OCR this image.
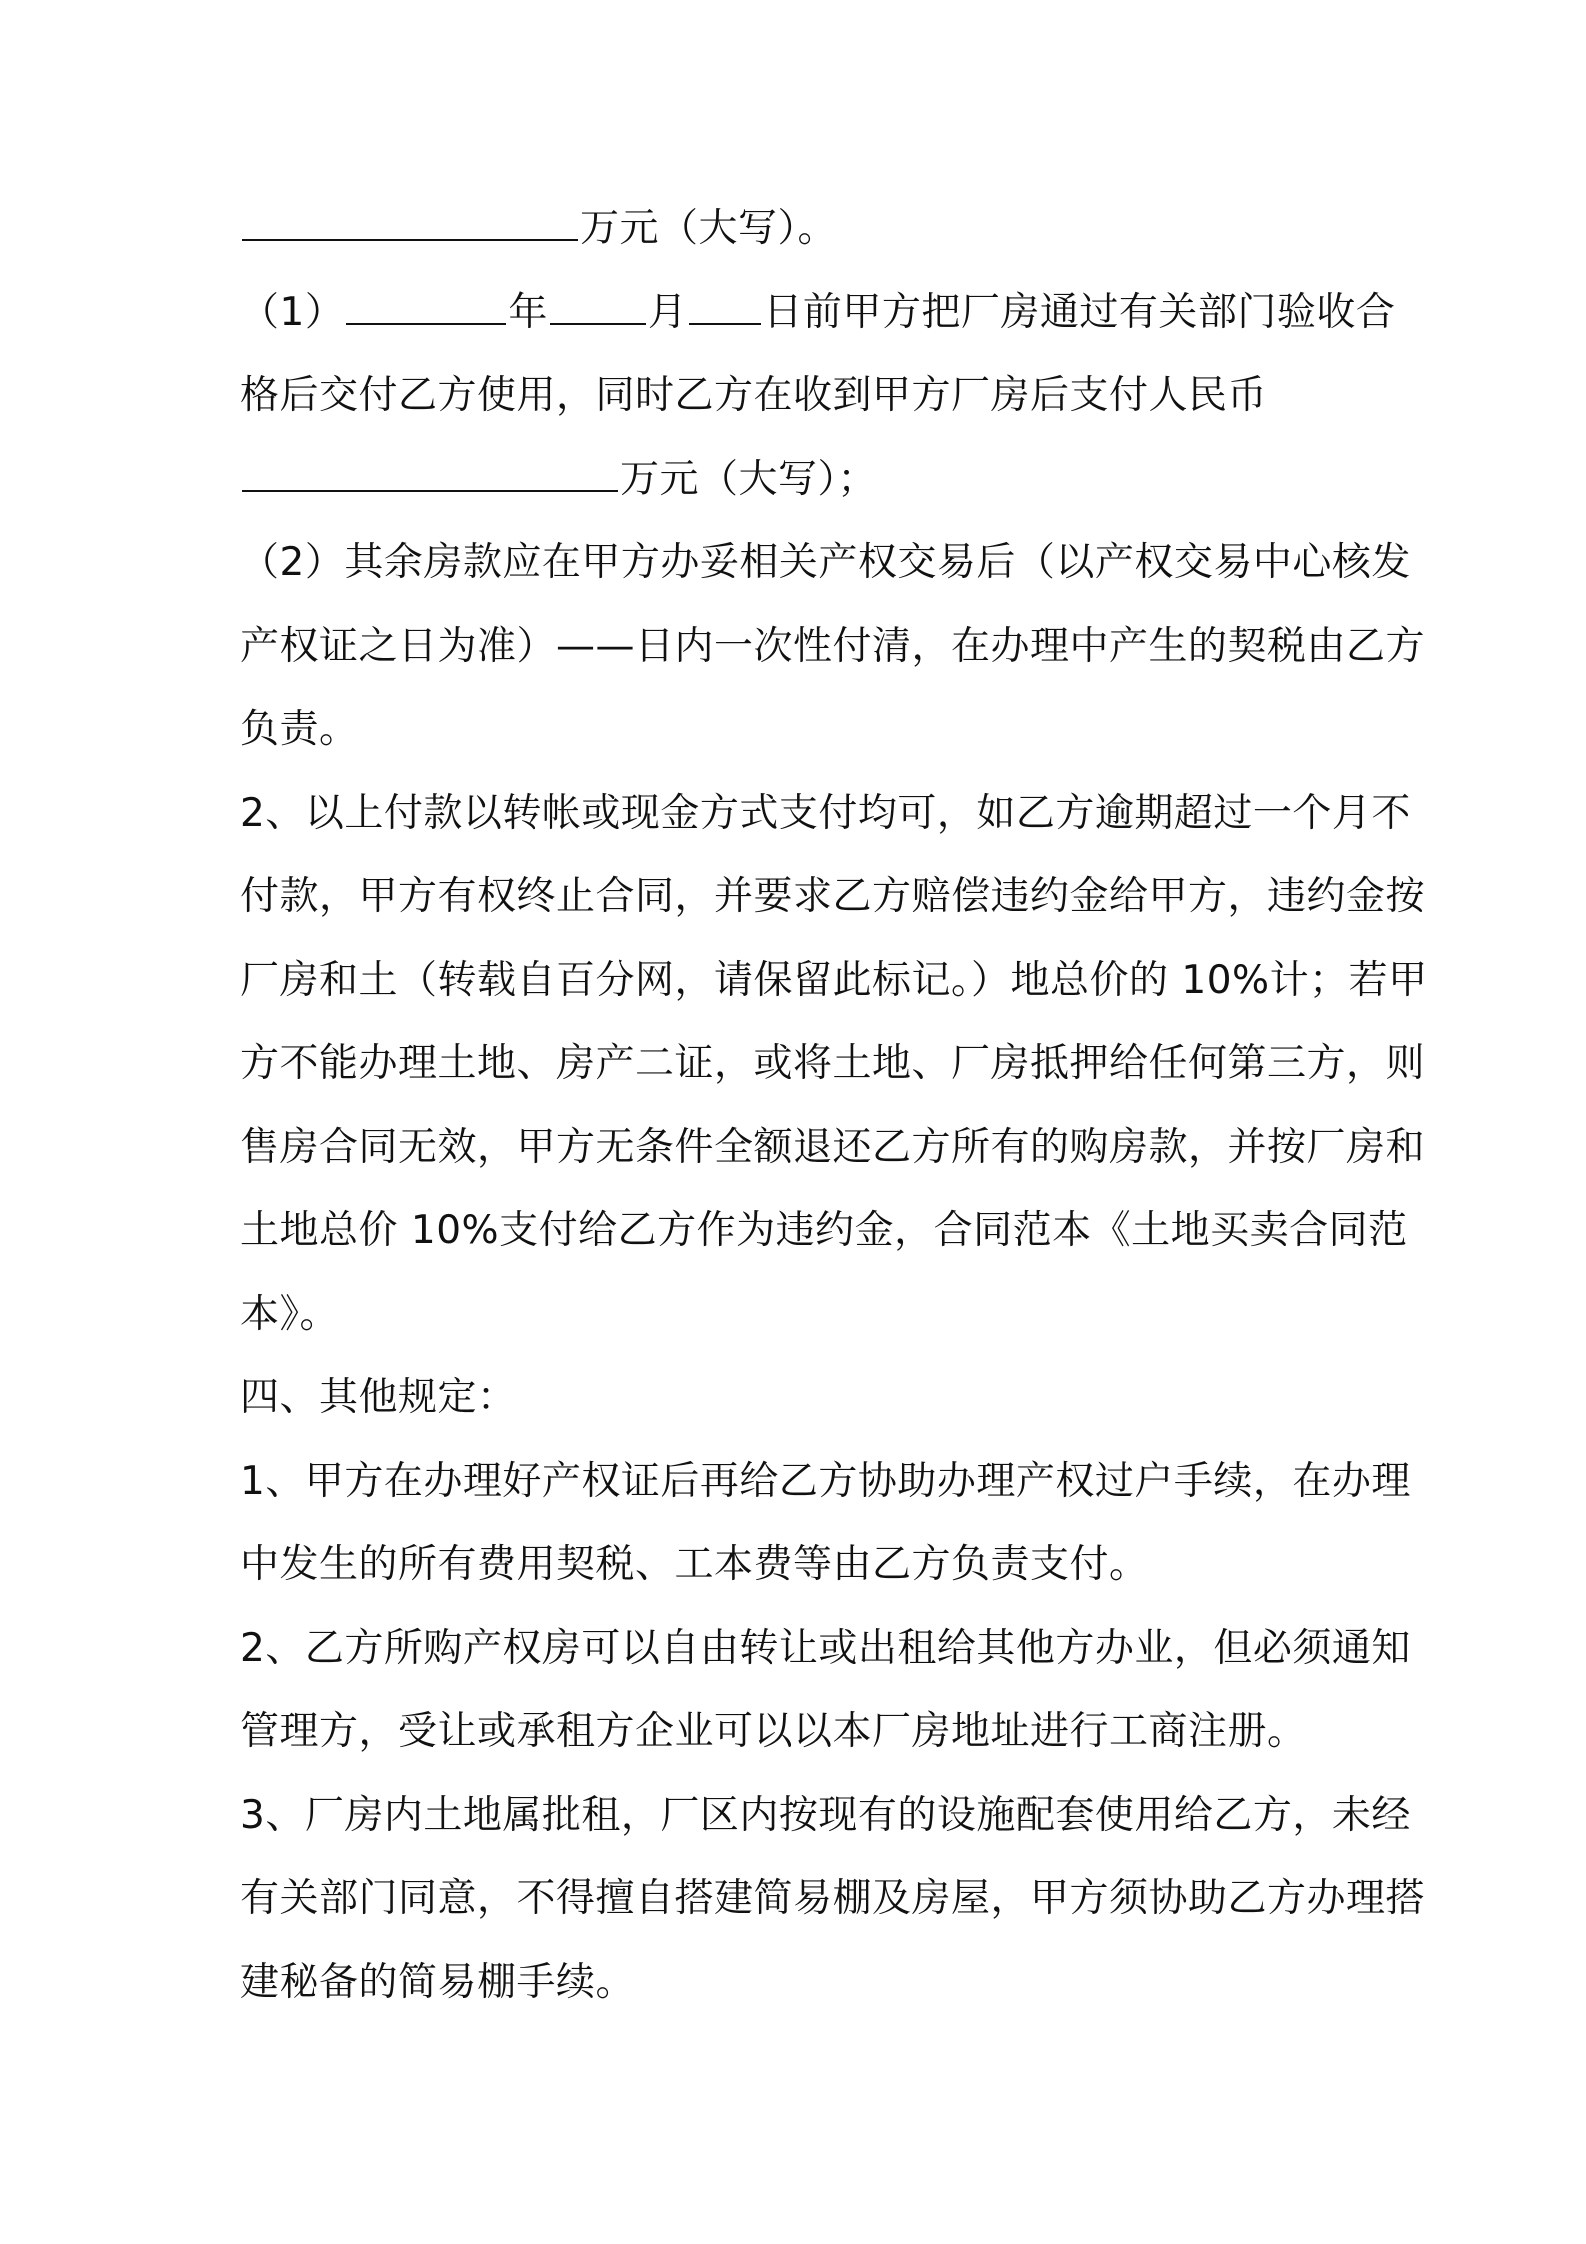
万元（大写）。
（1）	年	月 日前甲方把厂房通过有关部门验收合
格后交付乙方使用，同时乙方在收到甲方厂房后支付人民币
万元（大写）；
（2）其余房款应在甲方办妥相关产权交易后（以产权交易中心核发
产权证之日为准）——日内一次性付清，在办理中产生的契税由乙方
负责。
2、以上付款以转帐或现金方式支付均可，如乙方逾期超过一个月不
付款，甲方有权终止合同，并要求乙方赔偿违约金给甲方，违约金按
厂房和土（转载自百分网，请保留此标记。）地总价的 10%计；若甲
方不能办理土地、房产二证，或将土地、厂房抵押给任何第三方，则
售房合同无效，甲方无条件全额退还乙方所有的购房款，并按厂房和
土地总价 10%支付给乙方作为违约金，合同范本《土地买卖合同范
本》。
四、其他规定：
1、甲方在办理好产权证后再给乙方协助办理产权过户手续，在办理
中发生的所有费用契税、工本费等由乙方负责支付。
2、乙方所购产权房可以自由转让或出租给其他方办业，但必须通知
管理方，受让或承租方企业可以以本厂房地址进行工商注册。
3、厂房内土地属批租，厂区内按现有的设施配套使用给乙方，未经
有关部门同意，不得擅自搭建简易棚及房屋，甲方须协助乙方办理搭
建秘备的简易棚手续。
